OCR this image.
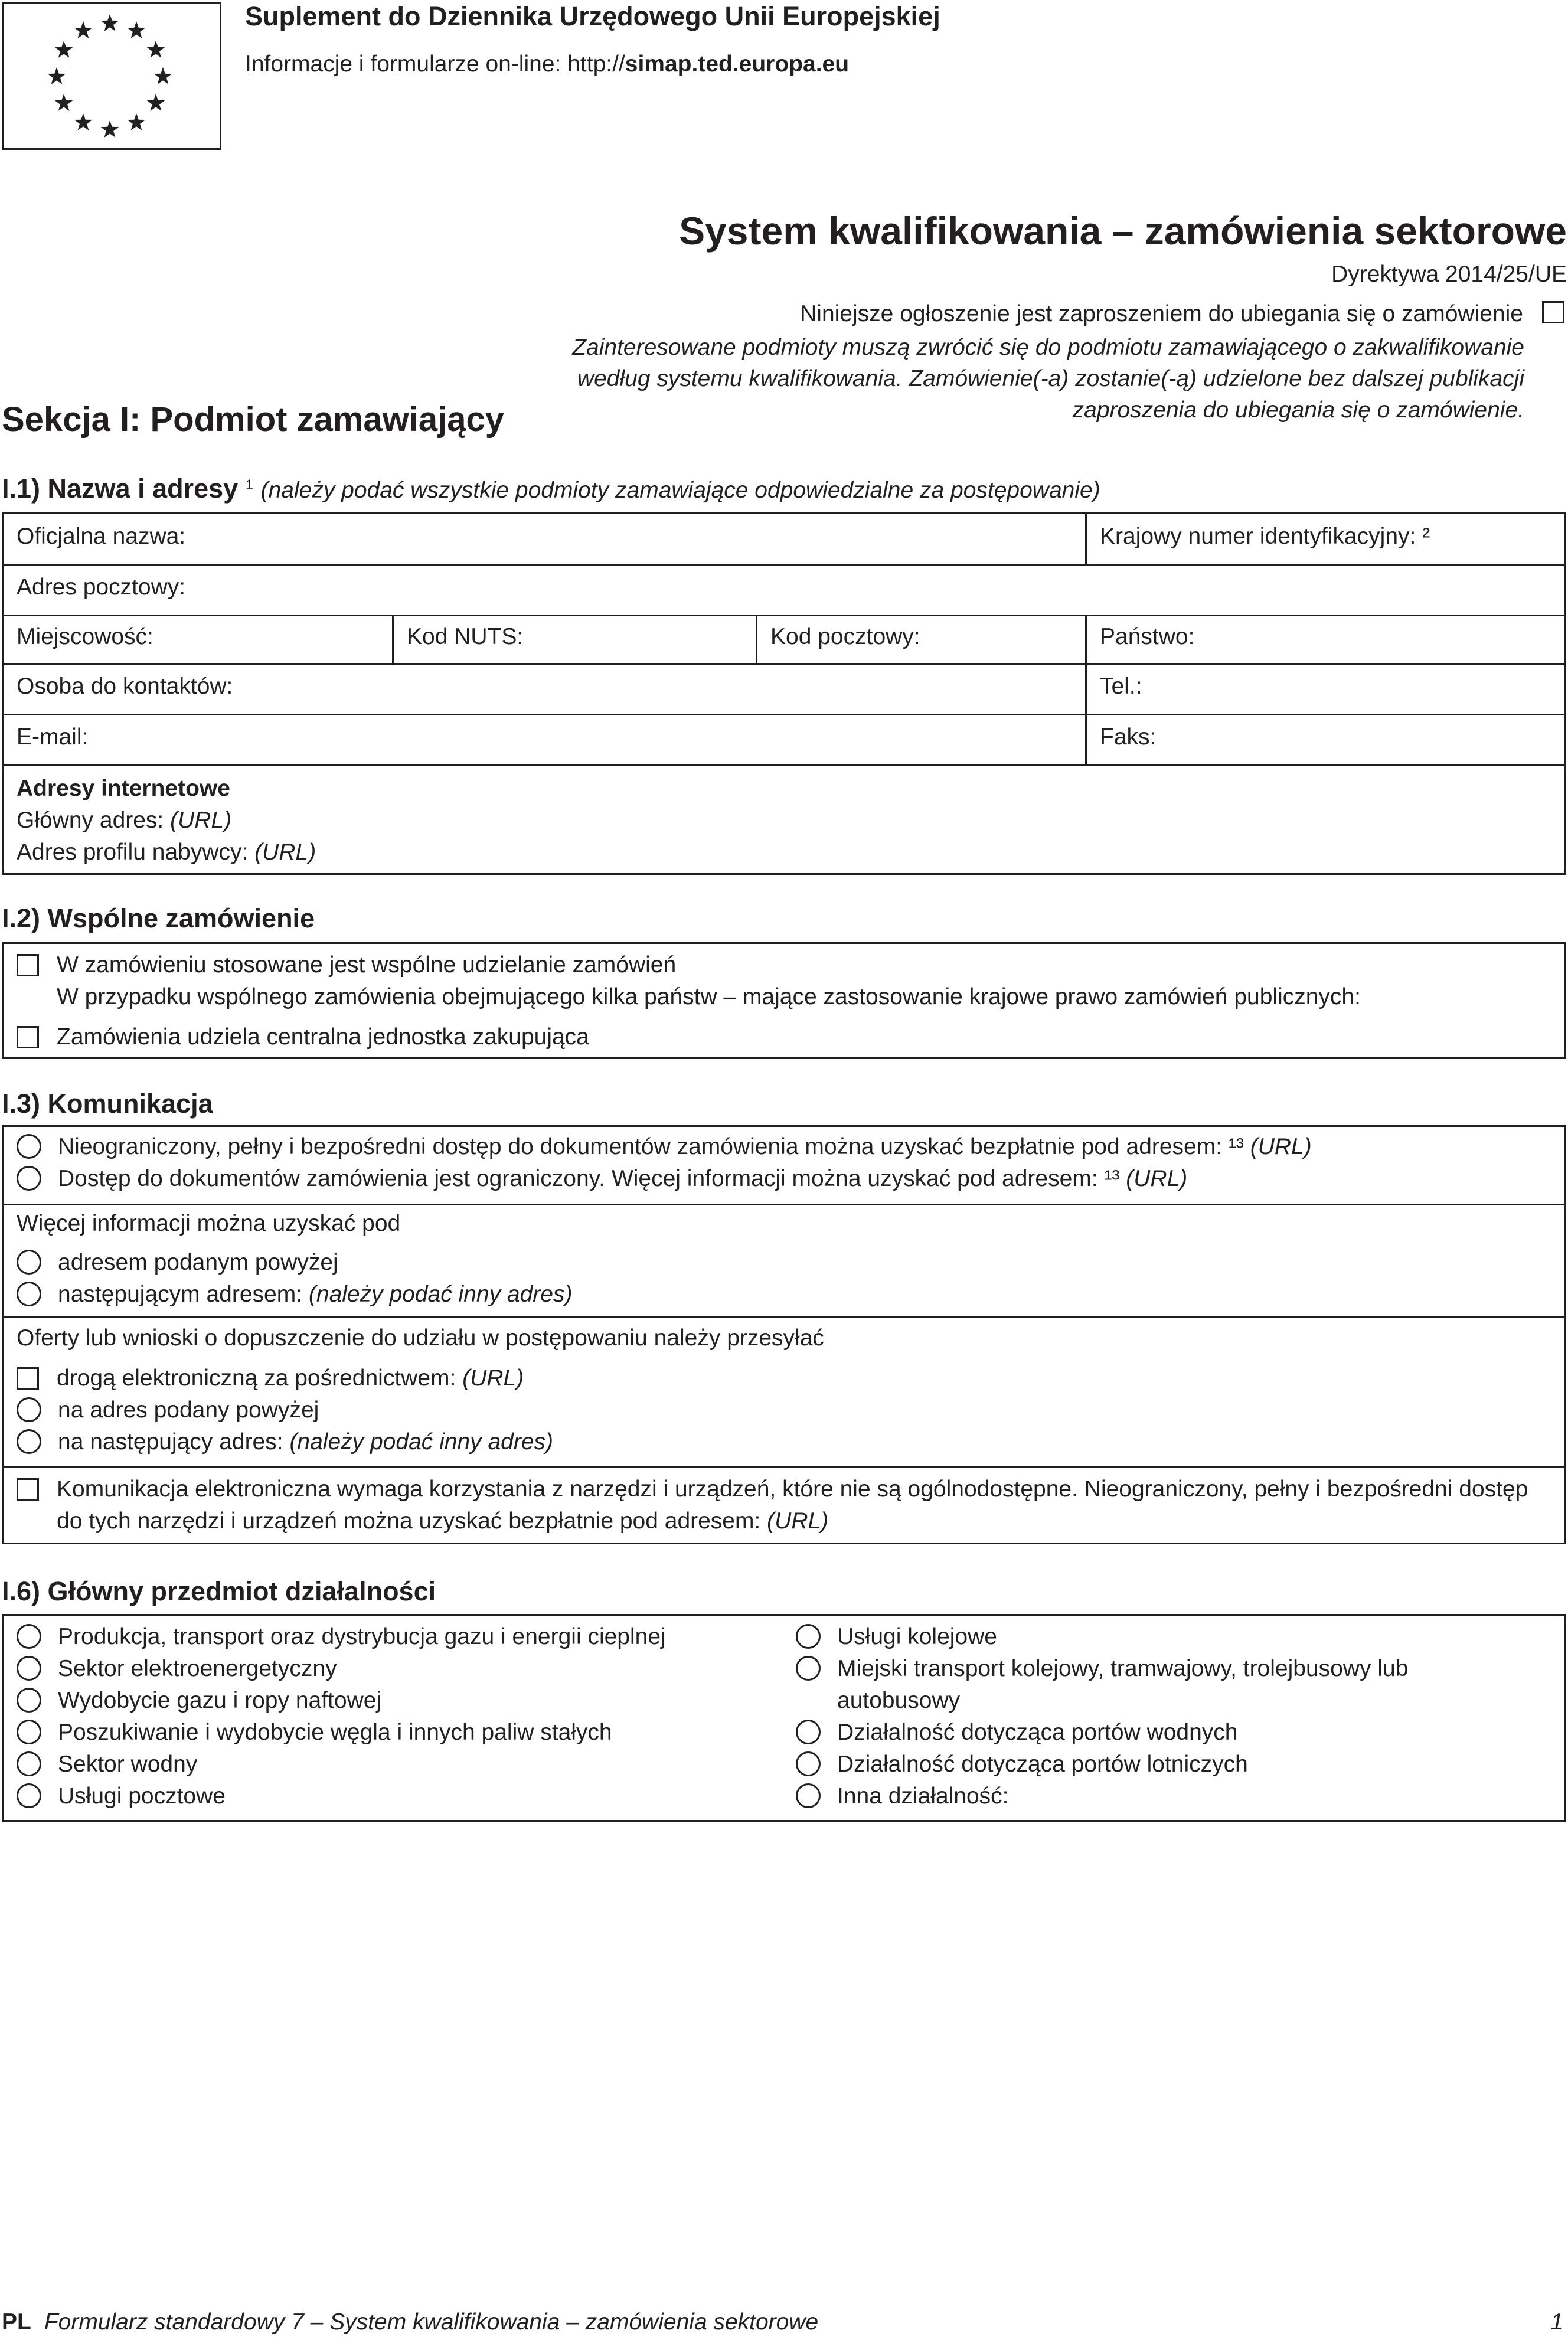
Suplement do Dziennika Urzędowego Unii Europejskiej
Informacje i formularze on-line: http://simap.ted.europa.eu
System kwalifikowania – zamówienia sektorowe
Dyrektywa 2014/25/UE
Niniejsze ogłoszenie jest zaproszeniem do ubiegania się o zamówienie
Zainteresowane podmioty muszą zwrócić się do podmiotu zamawiającego o zakwalifikowanie
według systemu kwalifikowania. Zamówienie(-a) zostanie(-ą) udzielone bez dalszej publikacji
zaproszenia do ubiegania się o zamówienie.
Sekcja I: Podmiot zamawiający
I.1) Nazwa i adresy $^1$ (należy podać wszystkie podmioty zamawiające odpowiedzialne za postępowanie)
Oficjalna nazwa:	Krajowy numer identyfikacyjny: ²
Adres pocztowy:
Miejscowość:	Kod NUTS:	Kod pocztowy:	Państwo:
Osoba do kontaktów:	Tel.:
E-mail:	Faks:
Adresy internetowe
Główny adres: (URL)
Adres profilu nabywcy: (URL)
I.2) Wspólne zamówienie
W zamówieniu stosowane jest wspólne udzielanie zamówień
W przypadku wspólnego zamówienia obejmującego kilka państw – mające zastosowanie krajowe prawo zamówień publicznych:
Zamówienia udziela centralna jednostka zakupująca
I.3) Komunikacja
Nieograniczony, pełny i bezpośredni dostęp do dokumentów zamówienia można uzyskać bezpłatnie pod adresem: ¹³ (URL)
Dostęp do dokumentów zamówienia jest ograniczony. Więcej informacji można uzyskać pod adresem: ¹³ (URL)
Więcej informacji można uzyskać pod
adresem podanym powyżej
następującym adresem: (należy podać inny adres)
Oferty lub wnioski o dopuszczenie do udziału w postępowaniu należy przesyłać
drogą elektroniczną za pośrednictwem: (URL)
na adres podany powyżej
na następujący adres: (należy podać inny adres)
Komunikacja elektroniczna wymaga korzystania z narzędzi i urządzeń, które nie są ogólnodostępne. Nieograniczony, pełny i bezpośredni dostęp
do tych narzędzi i urządzeń można uzyskać bezpłatnie pod adresem: (URL)
I.6) Główny przedmiot działalności
Produkcja, transport oraz dystrybucja gazu i energii cieplnej
Sektor elektroenergetyczny
Wydobycie gazu i ropy naftowej
Poszukiwanie i wydobycie węgla i innych paliw stałych
Sektor wodny
Usługi pocztowe
Usługi kolejowe
Miejski transport kolejowy, tramwajowy, trolejbusowy lub
autobusowy
Działalność dotycząca portów wodnych
Działalność dotycząca portów lotniczych
Inna działalność:
PL Formularz standardowy 7 – System kwalifikowania – zamówienia sektorowe	1
